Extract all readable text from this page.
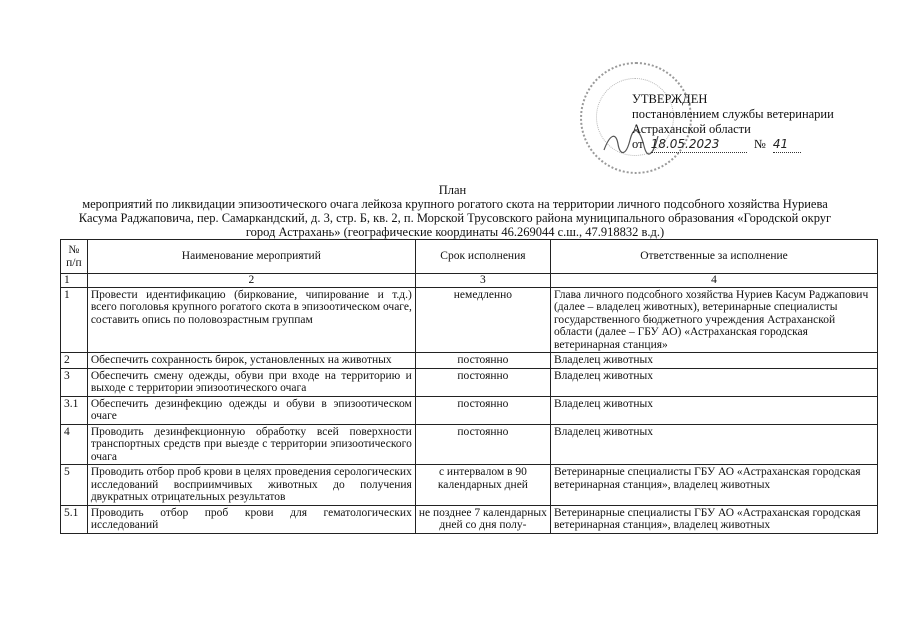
УТВЕРЖДЕН
постановлением службы ветеринарии
Астраханской области
от 18.05.2023	№ 41
План
мероприятий по ликвидации эпизоотического очага лейкоза крупного рогатого скота на территории личного подсобного хозяйства Нуриева Касума Раджаповича, пер. Самаркандский, д. 3, стр. Б, кв. 2, п. Морской Трусовского района муниципального образования «Городской округ город Астрахань» (географические координаты 46.269044 с.ш., 47.918832 в.д.)
№ п/п	Наименование мероприятий	Срок исполнения	Ответственные за исполнение
1	2	3	4
1	Провести идентификацию (биркование, чипирование и т.д.) всего поголовья крупного рогатого скота в эпизоотическом очаге, составить опись по половозрастным группам	немедленно	Глава личного подсобного хозяйства Нуриев Касум Раджапович (далее – владелец животных), ветеринарные специалисты государственного бюджетного учреждения Астраханской области (далее – ГБУ АО) «Астраханская городская ветеринарная станция»
2	Обеспечить сохранность бирок, установленных на животных	постоянно	Владелец животных
3	Обеспечить смену одежды, обуви при входе на территорию и выходе с территории эпизоотического очага	постоянно	Владелец животных
3.1	Обеспечить дезинфекцию одежды и обуви в эпизоотическом очаге	постоянно	Владелец животных
4	Проводить дезинфекционную обработку всей поверхности транспортных средств при выезде с территории эпизоотического очага	постоянно	Владелец животных
5	Проводить отбор проб крови в целях проведения серологических исследований восприимчивых животных до получения двукратных отрицательных результатов	с интервалом в 90 календарных дней	Ветеринарные специалисты ГБУ АО «Астраханская городская ветеринарная станция», владелец животных
5.1	Проводить отбор проб крови для гематологических исследований	не позднее 7 календарных дней со дня полу-	Ветеринарные специалисты ГБУ АО «Астраханская городская ветеринарная станция», владелец животных
